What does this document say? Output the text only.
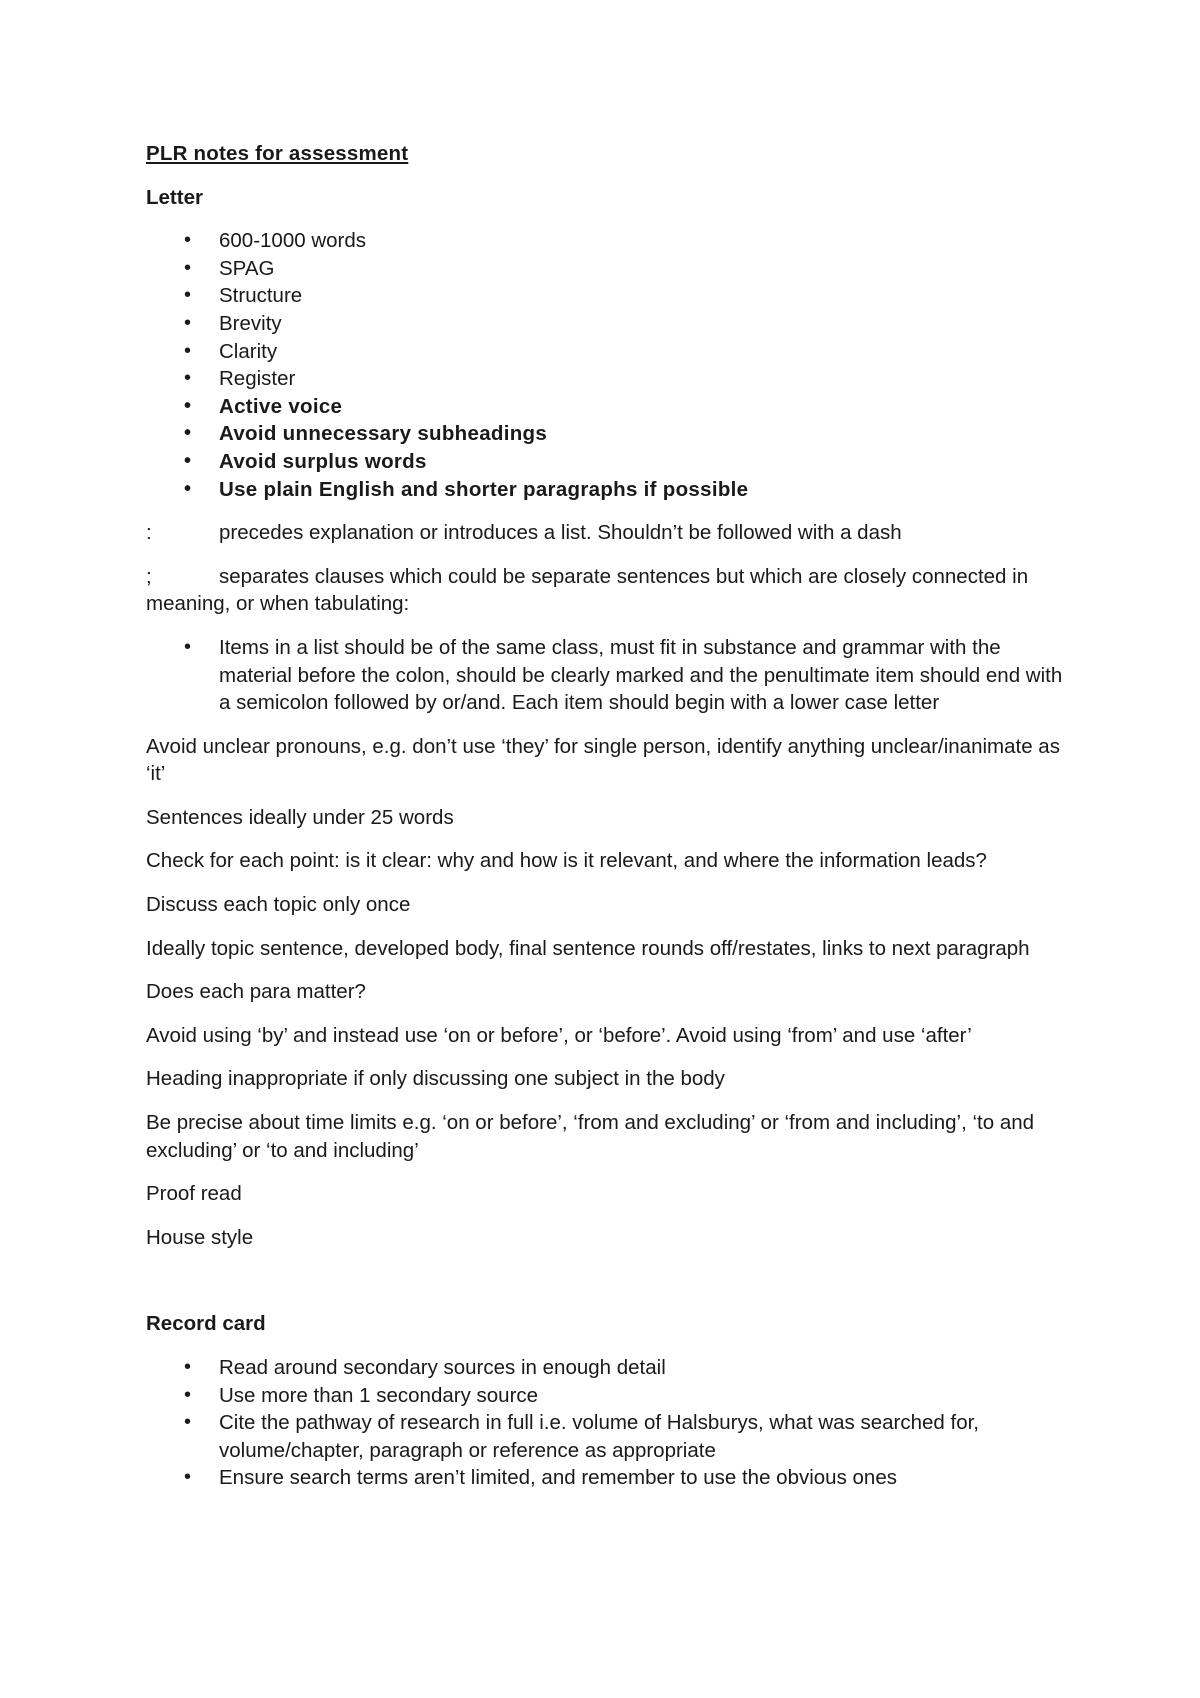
PLR notes for assessment

Letter

• 600-1000 words
• SPAG
• Structure
• Brevity
• Clarity
• Register
• Active voice
• Avoid unnecessary subheadings
• Avoid surplus words
• Use plain English and shorter paragraphs if possible

:	precedes explanation or introduces a list. Shouldn’t be followed with a dash

;	separates clauses which could be separate sentences but which are closely connected in meaning, or when tabulating:

• Items in a list should be of the same class, must fit in substance and grammar with the material before the colon, should be clearly marked and the penultimate item should end with a semicolon followed by or/and. Each item should begin with a lower case letter

Avoid unclear pronouns, e.g. don’t use ‘they’ for single person, identify anything unclear/inanimate as ‘it’

Sentences ideally under 25 words

Check for each point: is it clear: why and how is it relevant, and where the information leads?

Discuss each topic only once

Ideally topic sentence, developed body, final sentence rounds off/restates, links to next paragraph

Does each para matter?

Avoid using ‘by’ and instead use ‘on or before’, or ‘before’. Avoid using ‘from’ and use ‘after’

Heading inappropriate if only discussing one subject in the body

Be precise about time limits e.g. ‘on or before’, ‘from and excluding’ or ‘from and including’, ‘to and excluding’ or ‘to and including’

Proof read

House style

Record card

• Read around secondary sources in enough detail
• Use more than 1 secondary source
• Cite the pathway of research in full i.e. volume of Halsburys, what was searched for, volume/chapter, paragraph or reference as appropriate
• Ensure search terms aren’t limited, and remember to use the obvious ones
